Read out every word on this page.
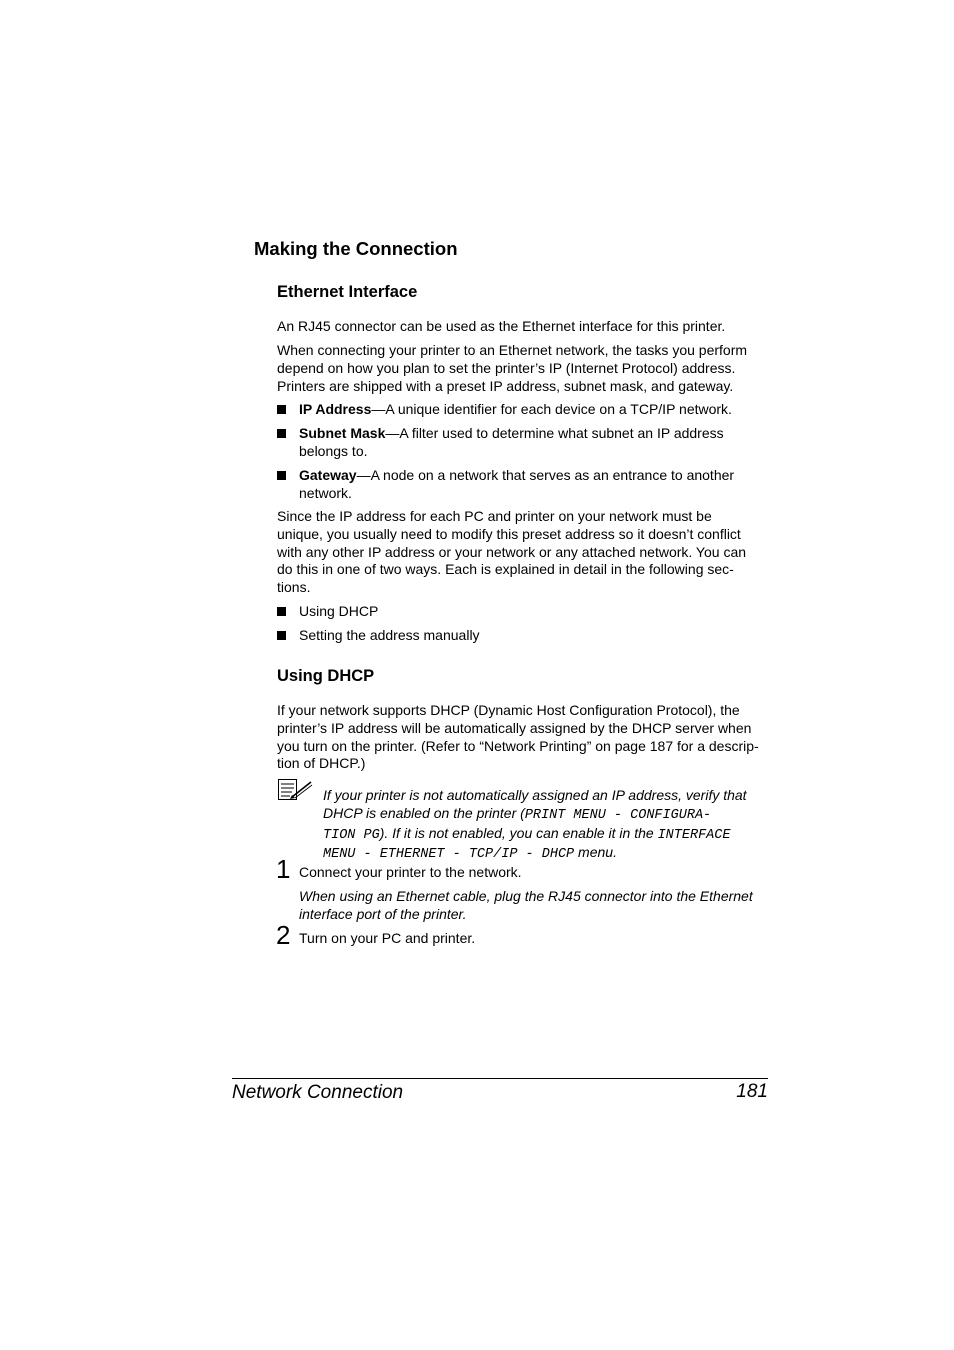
Making the Connection
Ethernet Interface
An RJ45 connector can be used as the Ethernet interface for this printer.
When connecting your printer to an Ethernet network, the tasks you perform
depend on how you plan to set the printer’s IP (Internet Protocol) address.
Printers are shipped with a preset IP address, subnet mask, and gateway.
IP Address—A unique identifier for each device on a TCP/IP network.
Subnet Mask—A filter used to determine what subnet an IP address
belongs to.
Gateway—A node on a network that serves as an entrance to another
network.
Since the IP address for each PC and printer on your network must be
unique, you usually need to modify this preset address so it doesn’t conflict
with any other IP address or your network or any attached network. You can
do this in one of two ways. Each is explained in detail in the following sec-
tions.
Using DHCP
Setting the address manually
Using DHCP
If your network supports DHCP (Dynamic Host Configuration Protocol), the
printer’s IP address will be automatically assigned by the DHCP server when
you turn on the printer. (Refer to “Network Printing” on page 187 for a descrip-
tion of DHCP.)
If your printer is not automatically assigned an IP address, verify that
DHCP is enabled on the printer (PRINT MENU - CONFIGURA-
TION PG). If it is not enabled, you can enable it in the INTERFACE
MENU - ETHERNET - TCP/IP - DHCP menu.
1 Connect your printer to the network.
When using an Ethernet cable, plug the RJ45 connector into the Ethernet
interface port of the printer.
2 Turn on your PC and printer.
Network Connection	181
